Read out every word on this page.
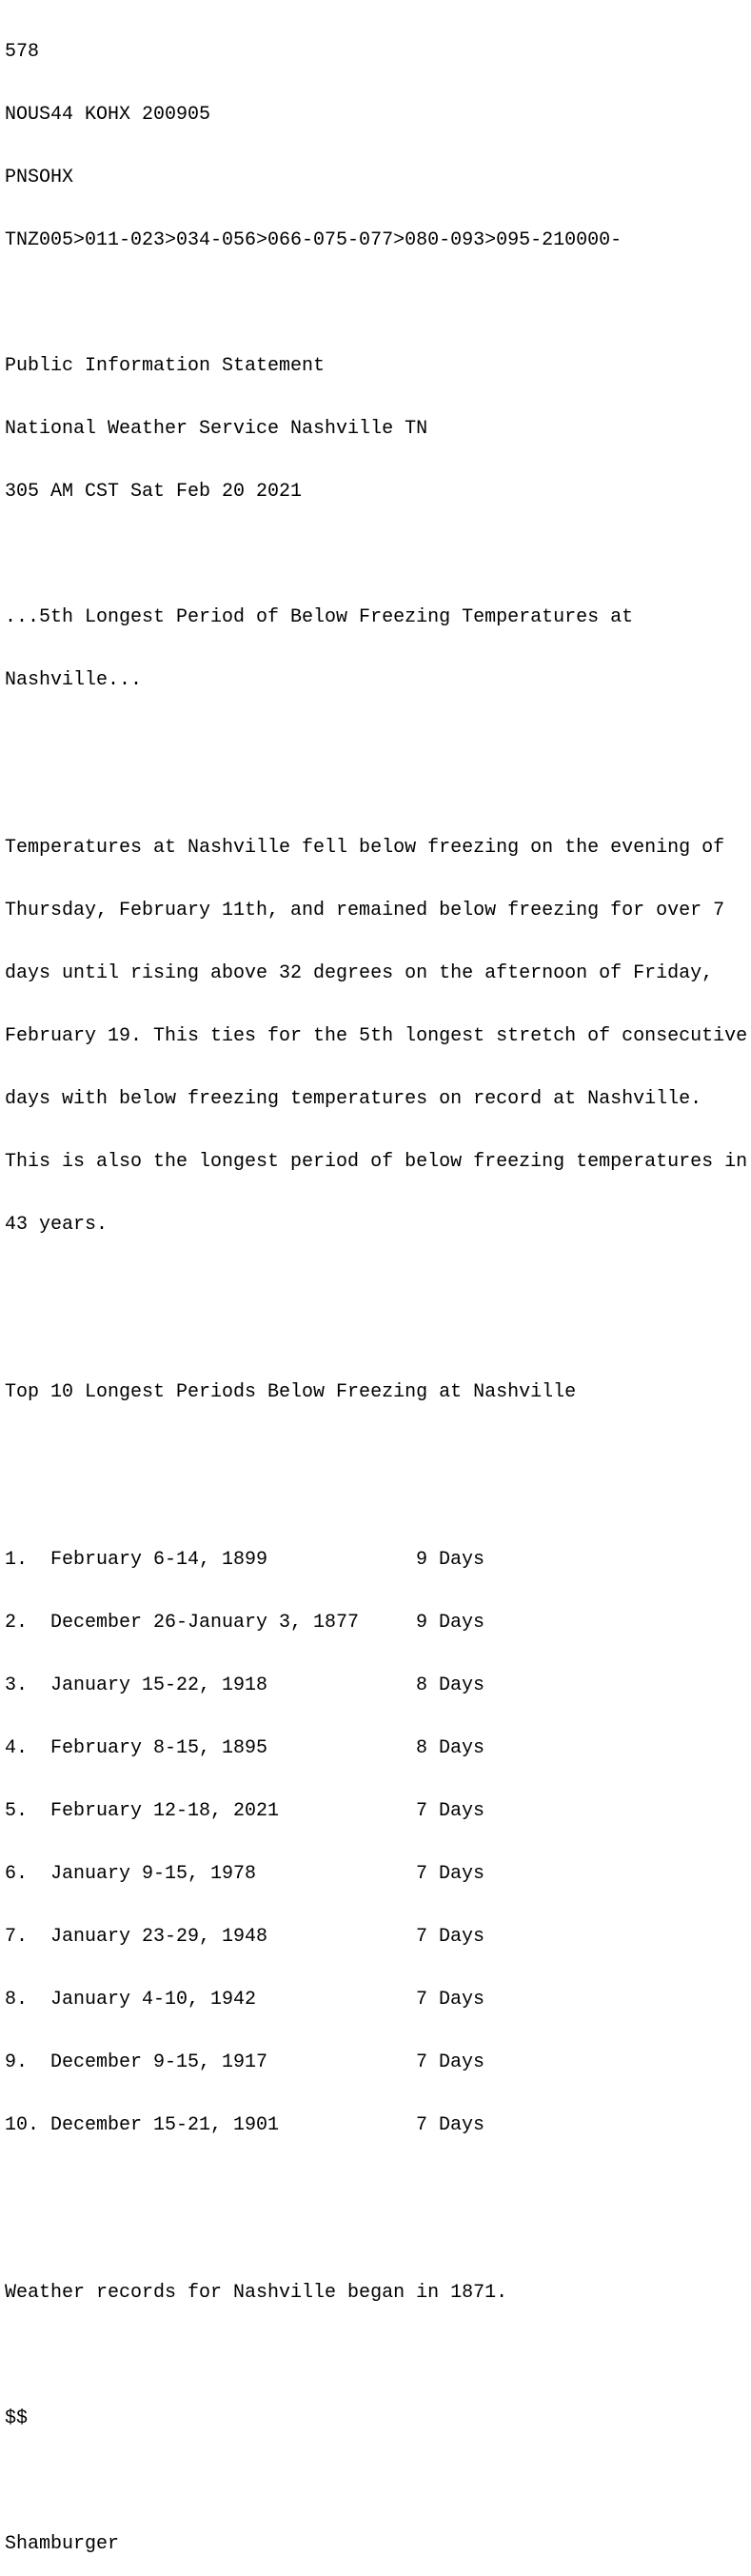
578

NOUS44 KOHX 200905

PNSOHX

TNZ005>011-023>034-056>066-075-077>080-093>095-210000-

Public Information Statement

National Weather Service Nashville TN

305 AM CST Sat Feb 20 2021

...5th Longest Period of Below Freezing Temperatures at

Nashville...

Temperatures at Nashville fell below freezing on the evening of

Thursday, February 11th, and remained below freezing for over 7

days until rising above 32 degrees on the afternoon of Friday,

February 19. This ties for the 5th longest stretch of consecutive

days with below freezing temperatures on record at Nashville.

This is also the longest period of below freezing temperatures in

43 years.

Top 10 Longest Periods Below Freezing at Nashville

1. February 6-14, 1899	9 Days

2. December 26-January 3, 1877	9 Days

3. January 15-22, 1918	8 Days

4. February 8-15, 1895	8 Days

5. February 12-18, 2021	7 Days

6. January 9-15, 1978	7 Days

7. January 23-29, 1948	7 Days

8. January 4-10, 1942	7 Days

9. December 9-15, 1917	7 Days

10. December 15-21, 1901	7 Days

Weather records for Nashville began in 1871.

$$

Shamburger
